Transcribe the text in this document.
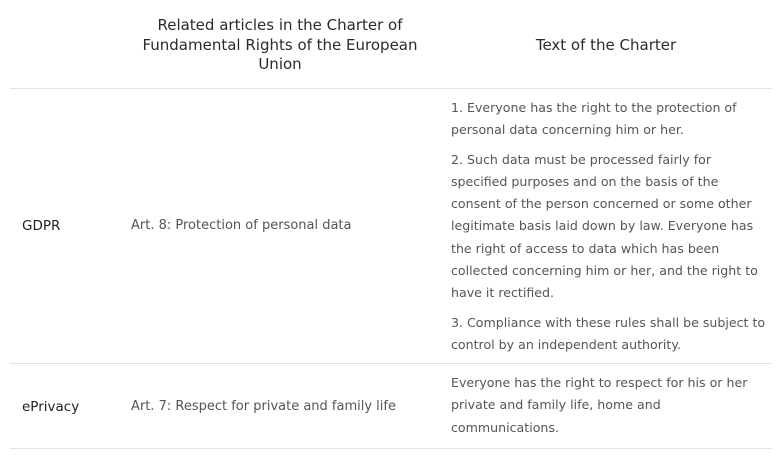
Related articles in the Charter of Fundamental Rights of the European Union
Text of the Charter
GDPR	Art. 8: Protection of personal data

1. Everyone has the right to the protection of personal data concerning him or her.

2. Such data must be processed fairly for specified purposes and on the basis of the consent of the person concerned or some other legitimate basis laid down by law. Everyone has the right of access to data which has been collected concerning him or her, and the right to have it rectified.

3. Compliance with these rules shall be subject to control by an independent authority.

ePrivacy	Art. 7: Respect for private and family life

Everyone has the right to respect for his or her private and family life, home and communications.
